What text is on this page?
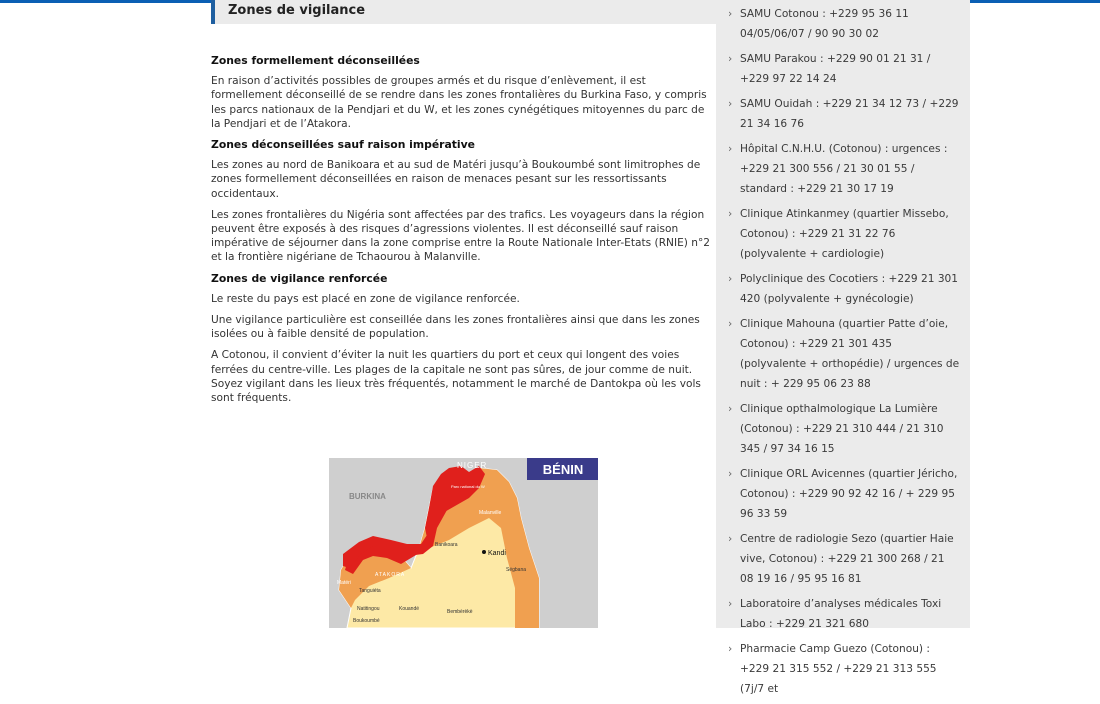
Zones de vigilance
Zones formellement déconseillées

En raison d’activités possibles de groupes armés et du risque d’enlèvement, il est formellement déconseillé de se rendre dans les zones frontalières du Burkina Faso, y compris les parcs nationaux de la Pendjari et du W, et les zones cynégétiques mitoyennes du parc de la Pendjari et de l’Atakora.

Zones déconseillées sauf raison impérative

Les zones au nord de Banikoara et au sud de Matéri jusqu’à Boukoumbé sont limitrophes de zones formellement déconseillées en raison de menaces pesant sur les ressortissants occidentaux.

Les zones frontalières du Nigéria sont affectées par des trafics. Les voyageurs dans la région peuvent être exposés à des risques d’agressions violentes. Il est déconseillé sauf raison impérative de séjourner dans la zone comprise entre la Route Nationale Inter-Etats (RNIE) n°2 et la frontière nigériane de Tchaourou à Malanville.

Zones de vigilance renforcée

Le reste du pays est placé en zone de vigilance renforcée.

Une vigilance particulière est conseillée dans les zones frontalières ainsi que dans les zones isolées ou à faible densité de population.

A Cotonou, il convient d’éviter la nuit les quartiers du port et ceux qui longent des voies ferrées du centre-ville. Les plages de la capitale ne sont pas sûres, de jour comme de nuit. Soyez vigilant dans les lieux très fréquentés, notamment le marché de Dantokpa où les vols sont fréquents.

BÉNIN
NIGER
BURKINA
ATAKORA
Parc national du W
Malanville
Banikoara
Kandi
Ségbana
Matéri
Tanguiéta
Natitingou	Kouandé	Bembèrèkè
Boukoumbé
› SAMU Cotonou : +229 95 36 11 04/05/06/07 / 90 90 30 02
› SAMU Parakou : +229 90 01 21 31 / +229 97 22 14 24
› SAMU Ouidah : +229 21 34 12 73 / +229 21 34 16 76
› Hôpital C.N.H.U. (Cotonou) : urgences : +229 21 300 556 / 21 30 01 55 / standard : +229 21 30 17 19
› Clinique Atinkanmey (quartier Missebo, Cotonou) : +229 21 31 22 76 (polyvalente + cardiologie)
› Polyclinique des Cocotiers : +229 21 301 420 (polyvalente + gynécologie)
› Clinique Mahouna (quartier Patte d’oie, Cotonou) : +229 21 301 435 (polyvalente + orthopédie) / urgences de nuit : + 229 95 06 23 88
› Clinique opthalmologique La Lumière (Cotonou) : +229 21 310 444 / 21 310 345 / 97 34 16 15
› Clinique ORL Avicennes (quartier Jéricho, Cotonou) : +229 90 92 42 16 / + 229 95 96 33 59
› Centre de radiologie Sezo (quartier Haie vive, Cotonou) : +229 21 300 268 / 21 08 19 16 / 95 95 16 81
› Laboratoire d’analyses médicales Toxi Labo : +229 21 321 680
› Pharmacie Camp Guezo (Cotonou) : +229 21 315 552 / +229 21 313 555 (7j/7 et
